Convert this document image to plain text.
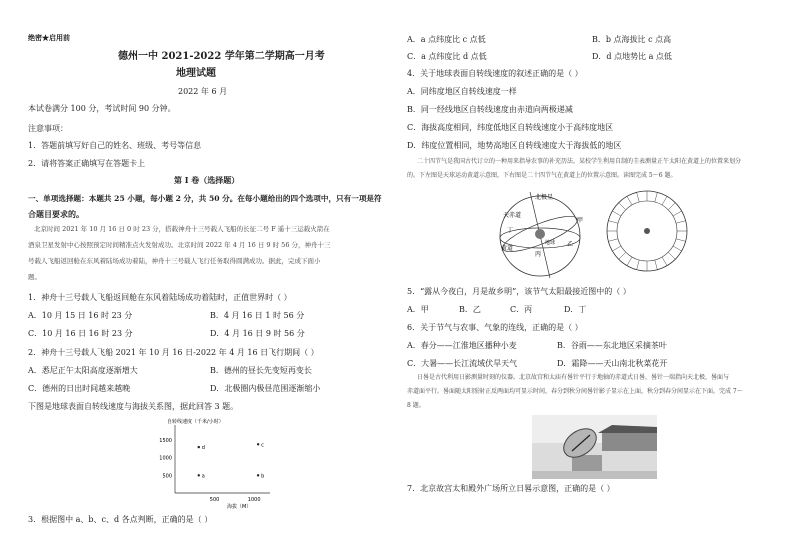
绝密★启用前
德州一中 2021-2022 学年第二学期高一月考
地理试题
2022 年 6 月
本试卷满分 100 分，考试时间 90 分钟。
注意事项：
1．答题前填写好自己的姓名、班级、考号等信息
2．请将答案正确填写在答题卡上
第 I 卷（选择题）
一、单项选择题：本题共 25 小题，每小题 2 分，共 50 分。在每小题给出的四个选项中，只有一项是符
合题目要求的。
北京时间 2021 年 10 月 16 日 0 时 23 分，搭载神舟十三号载人飞船的长征二号 F 遥十三运载火箭在
酒泉卫星发射中心按照预定时间精准点火发射成功。北京时间 2022 年 4 月 16 日 9 时 56 分，神舟十三
号载人飞船返回舱在东风着陆场成功着陆，神舟十三号载人飞行任务取得圆满成功。据此，完成下面小
题。
1．神舟十三号载人飞船返回舱在东风着陆场成功着陆时，正值世界时（ ）
A．10 月 15 日 16 时 23 分	B．4 月 16 日 1 时 56 分
C．10 月 16 日 16 时 23 分	D．4 月 16 日 9 时 56 分
2．神舟十三号载人飞船 2021 年 10 月 16 日-2022 年 4 月 16 日飞行期间（ ）
A．悉尼正午太阳高度逐渐增大	B．德州的昼长先变短再变长
C．德州的日出时间越来越晚	D．北极圈内极昼范围逐渐缩小
下图是地球表面自转线速度与海拔关系图，据此回答 3 题。
自转线速度（千米/小时）
海拔（M）
500
1000
1500
500	1000
a	b
c
d
3．根据图中 a、b、c、d 各点判断，正确的是（ ）
A．a 点纬度比 c 点低	B．b 点海拔比 c 点高
C．a 点纬度比 d 点低	D．d 点地势比 a 点低
4．关于地球表面自转线速度的叙述正确的是（ ）
A．同纬度地区自转线速度一样
B．同一经线地区自转线速度由赤道向两极递减
C．海拔高度相同，纬度低地区自转线速度小于高纬度地区
D．纬度位置相同，地势高地区自转线速度大于海拔低的地区
二十四节气是我国古代订立的一种用来指导农事的补充历法。某校学生利用自制的圭表测量正午太阳在黄道上的位置来划分
的。下左图是天球运动黄道示意图，下右图是二十四节气在黄道上的位置示意图。读图完成 5～6 题。
北极星
天赤道
黄道
地球
甲
乙
丙
丁
5．“露从今夜白，月是故乡明”，该节气太阳最接近图中的（ ）
A．甲	B．乙	C．丙	D．丁
6．关于节气与农事、气象的连线，正确的是（ ）
A．春分——江淮地区播种小麦	B．谷雨——东北地区采摘茶叶
C．大暑——长江流域伏旱天气	D．霜降——天山南北秋菜花开
日晷是古代利用日影测量时刻的仪器。北京故宫和太庙有晷针平行于地轴的赤道式日晷，晷针一端指向天北极，晷面与
赤道面平行。晷面随太阳照射正反两面均可显示时间，春分到秋分间晷针影子显示在上面，秋分到春分间显示在下面。完成 7～
8 题。
7．北京故宫太和殿外广场所立日晷示意图，正确的是（ ）
